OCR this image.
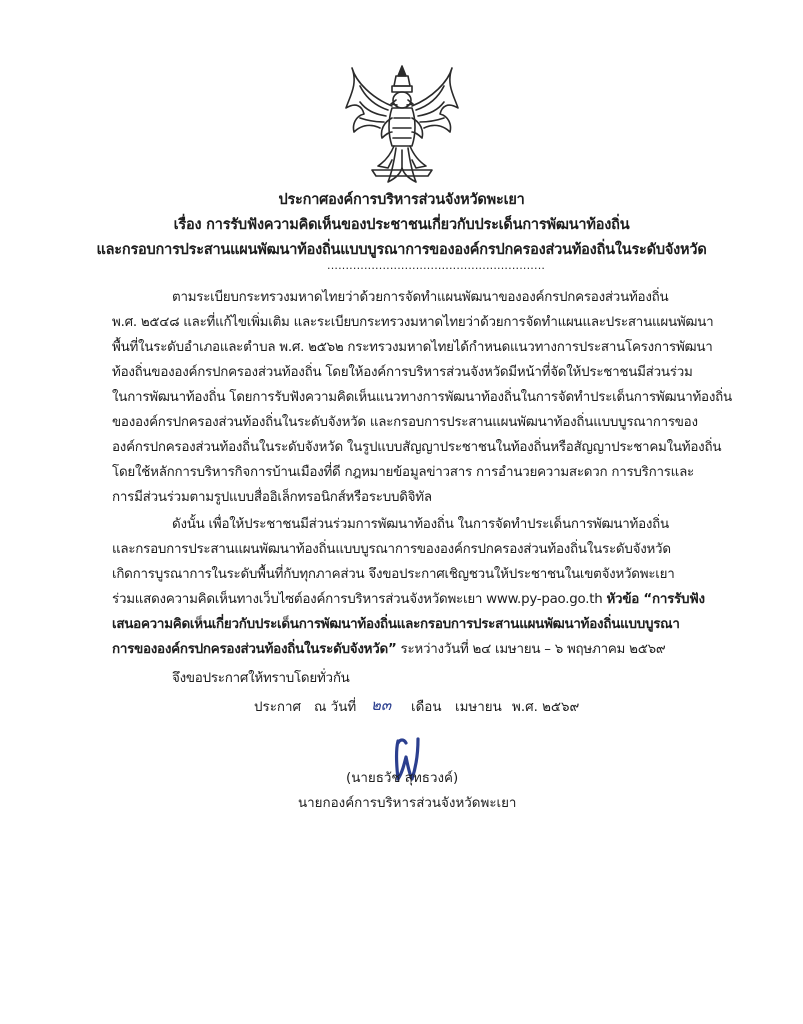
ประกาศองค์การบริหารส่วนจังหวัดพะเยา
เรื่อง การรับฟังความคิดเห็นของประชาชนเกี่ยวกับประเด็นการพัฒนาท้องถิ่น
และกรอบการประสานแผนพัฒนาท้องถิ่นแบบบูรณาการขององค์กรปกครองส่วนท้องถิ่นในระดับจังหวัด
...........................................................
ตามระเบียบกระทรวงมหาดไทยว่าด้วยการจัดทำแผนพัฒนาขององค์กรปกครองส่วนท้องถิ่น
พ.ศ. ๒๕๔๘ และที่แก้ไขเพิ่มเติม และระเบียบกระทรวงมหาดไทยว่าด้วยการจัดทำแผนและประสานแผนพัฒนา
พื้นที่ในระดับอำเภอและตำบล พ.ศ. ๒๕๖๒ กระทรวงมหาดไทยได้กำหนดแนวทางการประสานโครงการพัฒนา
ท้องถิ่นขององค์กรปกครองส่วนท้องถิ่น โดยให้องค์การบริหารส่วนจังหวัดมีหน้าที่จัดให้ประชาชนมีส่วนร่วม
ในการพัฒนาท้องถิ่น โดยการรับฟังความคิดเห็นแนวทางการพัฒนาท้องถิ่นในการจัดทำประเด็นการพัฒนาท้องถิ่น
ขององค์กรปกครองส่วนท้องถิ่นในระดับจังหวัด และกรอบการประสานแผนพัฒนาท้องถิ่นแบบบูรณาการของ
องค์กรปกครองส่วนท้องถิ่นในระดับจังหวัด ในรูปแบบสัญญาประชาชนในท้องถิ่นหรือสัญญาประชาคมในท้องถิ่น
โดยใช้หลักการบริหารกิจการบ้านเมืองที่ดี กฎหมายข้อมูลข่าวสาร การอำนวยความสะดวก การบริการและ
การมีส่วนร่วมตามรูปแบบสื่ออิเล็กทรอนิกส์หรือระบบดิจิทัล
ดังนั้น เพื่อให้ประชาชนมีส่วนร่วมการพัฒนาท้องถิ่น ในการจัดทำประเด็นการพัฒนาท้องถิ่น
และกรอบการประสานแผนพัฒนาท้องถิ่นแบบบูรณาการขององค์กรปกครองส่วนท้องถิ่นในระดับจังหวัด
เกิดการบูรณาการในระดับพื้นที่กับทุกภาคส่วน จึงขอประกาศเชิญชวนให้ประชาชนในเขตจังหวัดพะเยา
ร่วมแสดงความคิดเห็นทางเว็บไซต์องค์การบริหารส่วนจังหวัดพะเยา www.py-pao.go.th หัวข้อ “การรับฟัง
เสนอความคิดเห็นเกี่ยวกับประเด็นการพัฒนาท้องถิ่นและกรอบการประสานแผนพัฒนาท้องถิ่นแบบบูรณา
การขององค์กรปกครองส่วนท้องถิ่นในระดับจังหวัด” ระหว่างวันที่ ๒๔ เมษายน – ๖ พฤษภาคม ๒๕๖๙
จึงขอประกาศให้ทราบโดยทั่วกัน
ประกาศ ณ วันที่ ๒๓ เดือน เมษายน พ.ศ. ๒๕๖๙
(นายธวัช สุทธวงค์)
นายกองค์การบริหารส่วนจังหวัดพะเยา
